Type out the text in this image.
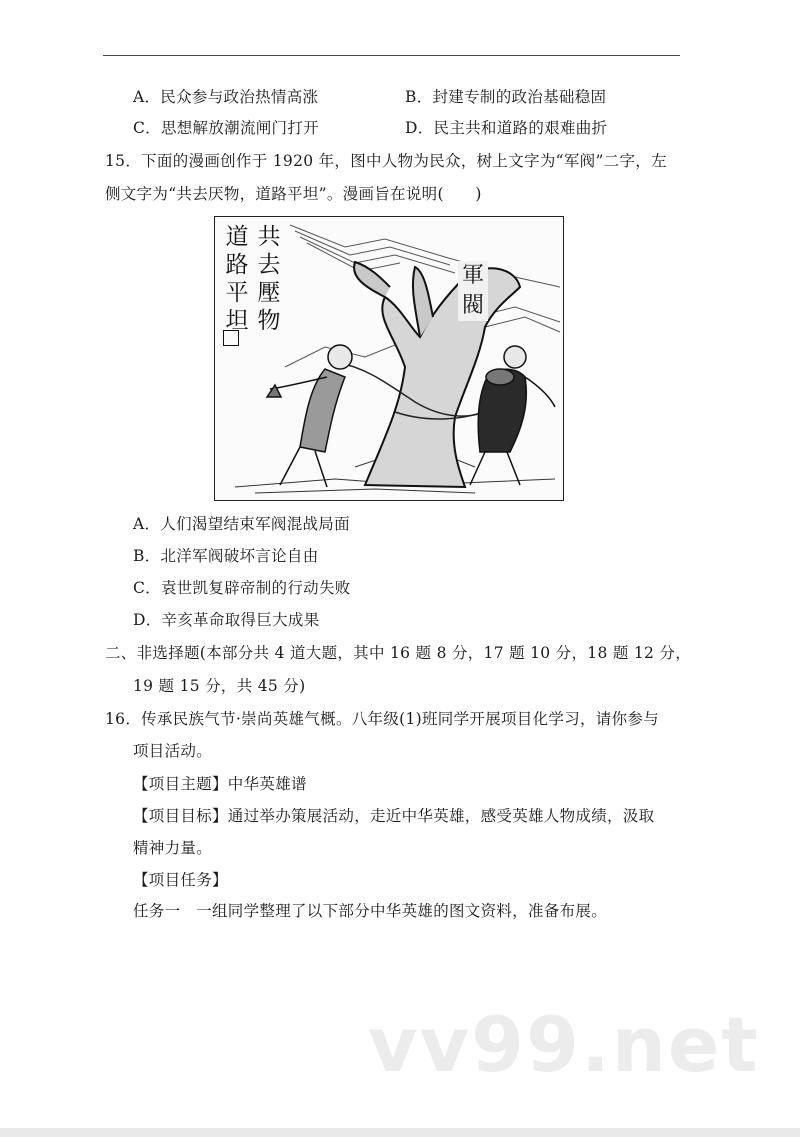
A．民众参与政治热情高涨	B．封建专制的政治基础稳固
C．思想解放潮流闸门打开	D．民主共和道路的艰难曲折
15．下面的漫画创作于 1920 年，图中人物为民众，树上文字为“军阀”二字，左
侧文字为“共去厌物，道路平坦”。漫画旨在说明(　　)
共去壓物
道路平坦
軍閥
A．人们渴望结束军阀混战局面
B．北洋军阀破坏言论自由
C．袁世凯复辟帝制的行动失败
D．辛亥革命取得巨大成果
二、非选择题(本部分共 4 道大题，其中 16 题 8 分，17 题 10 分，18 题 12 分，
19 题 15 分，共 45 分)
16．传承民族气节·崇尚英雄气概。八年级(1)班同学开展项目化学习，请你参与
项目活动。
【项目主题】中华英雄谱
【项目目标】通过举办策展活动，走近中华英雄，感受英雄人物成绩，汲取
精神力量。
【项目任务】
任务一　一组同学整理了以下部分中华英雄的图文资料，准备布展。
vv99.net
